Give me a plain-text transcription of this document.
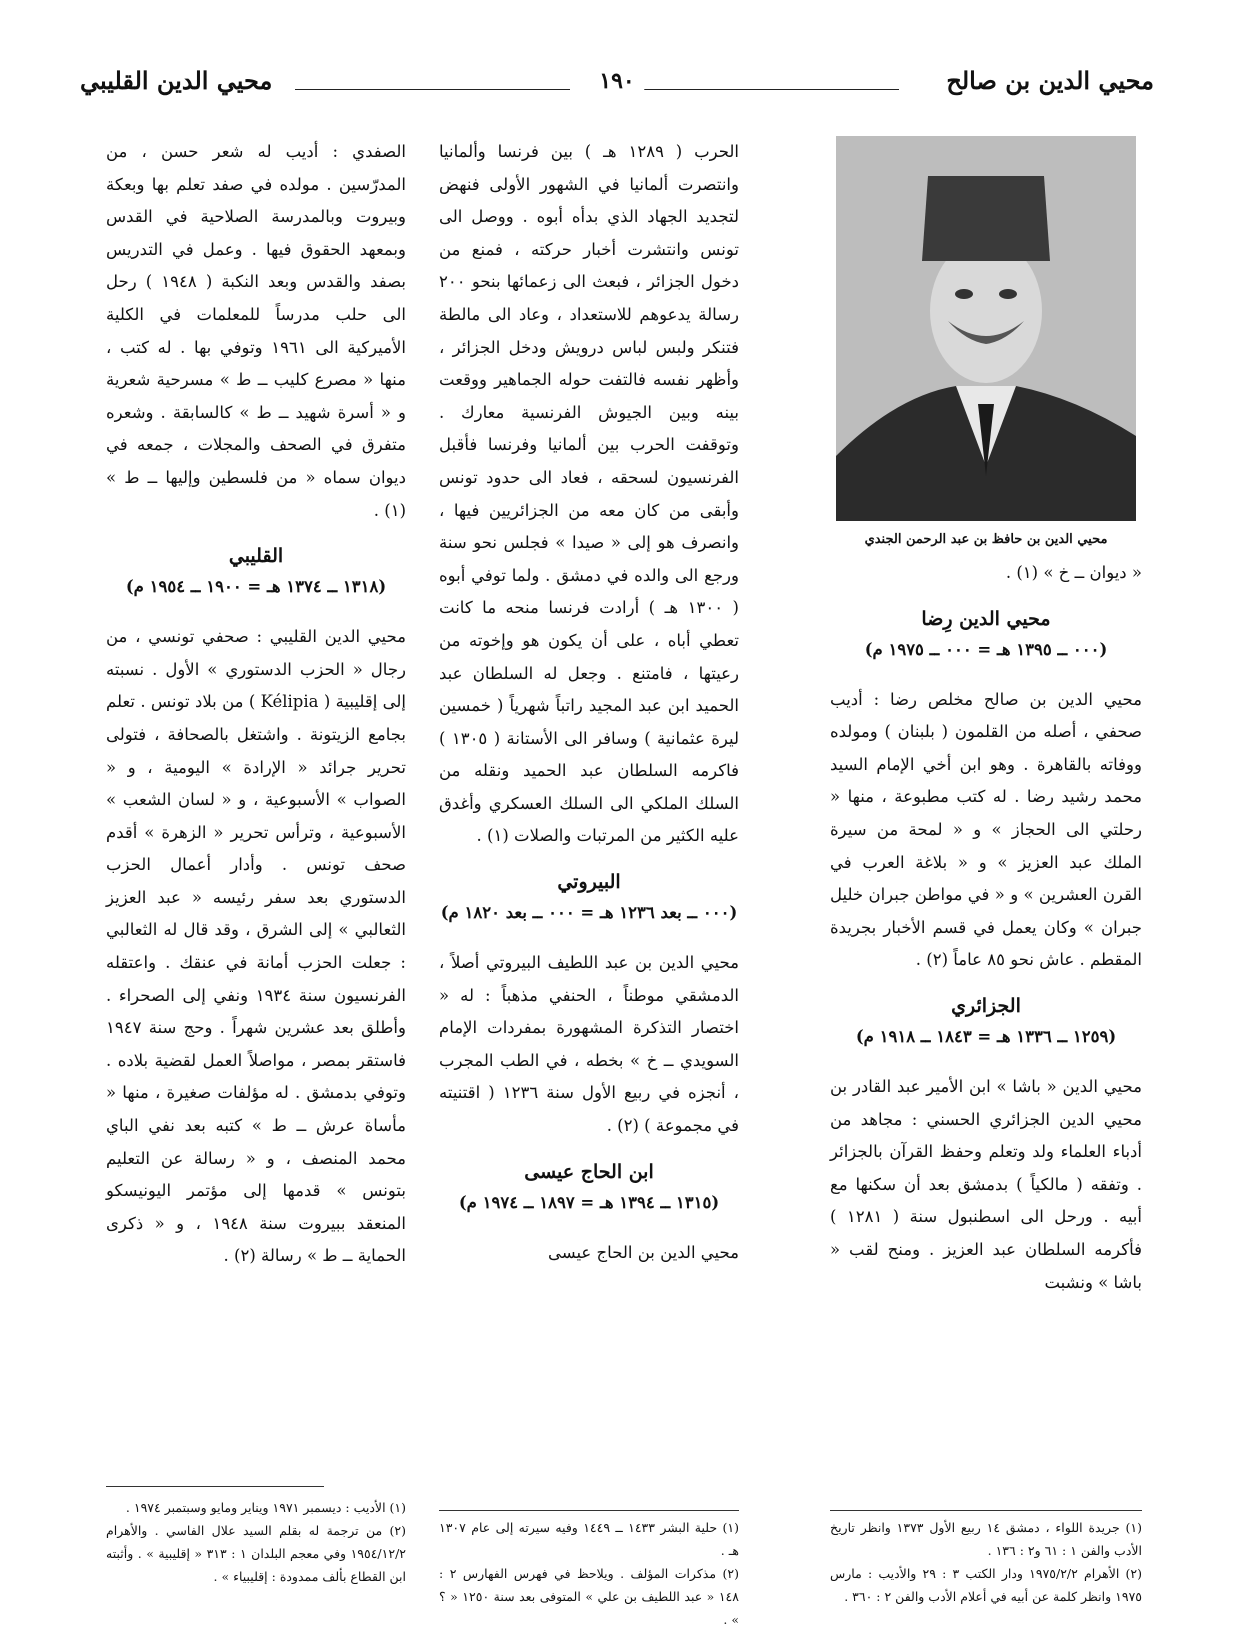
محيي الدين بن صالح
١٩٠
محيي الدين القليبي
محيي الدين بن حافظ بن عبد الرحمن الجندي

« ديوان ــ خ » (١) .

محيي الدين رِضا
(٠٠٠ ــ ١٣٩٥ هـ = ٠٠٠ ــ ١٩٧٥ م)

محيي الدين بن صالح مخلص رضا : أديب صحفي ، أصله من القلمون ( بلبنان ) ومولده ووفاته بالقاهرة . وهو ابن أخي الإمام السيد محمد رشيد رضا . له كتب مطبوعة ، منها « رحلتي الى الحجاز » و « لمحة من سيرة الملك عبد العزيز » و « بلاغة العرب في القرن العشرين » و « في مواطن جبران خليل جبران » وكان يعمل في قسم الأخبار بجريدة المقطم . عاش نحو ٨٥ عاماً (٢) .

الجزائري
(١٢٥٩ ــ ١٣٣٦ هـ = ١٨٤٣ ــ ١٩١٨ م)

محيي الدين « باشا » ابن الأمير عبد القادر بن محيي الدين الجزائري الحسني : مجاهد من أدباء العلماء ولد وتعلم وحفظ القرآن بالجزائر . وتفقه ( مالكياً ) بدمشق بعد أن سكنها مع أبيه . ورحل الى اسطنبول سنة ( ١٢٨١ ) فأكرمه السلطان عبد العزيز . ومنح لقب « باشا » ونشبت

الحرب ( ١٢٨٩ هـ ) بين فرنسا وألمانيا وانتصرت ألمانيا في الشهور الأولى فنهض لتجديد الجهاد الذي بدأه أبوه . ووصل الى تونس وانتشرت أخبار حركته ، فمنع من دخول الجزائر ، فبعث الى زعمائها بنحو ٢٠٠ رسالة يدعوهم للاستعداد ، وعاد الى مالطة فتنكر ولبس لباس درويش ودخل الجزائر ، وأظهر نفسه فالتفت حوله الجماهير ووقعت بينه وبين الجيوش الفرنسية معارك . وتوقفت الحرب بين ألمانيا وفرنسا فأقبل الفرنسيون لسحقه ، فعاد الى حدود تونس وأبقى من كان معه من الجزائريين فيها ، وانصرف هو إلى « صيدا » فجلس نحو سنة ورجع الى والده في دمشق . ولما توفي أبوه ( ١٣٠٠ هـ ) أرادت فرنسا منحه ما كانت تعطي أباه ، على أن يكون هو وإخوته من رعيتها ، فامتنع . وجعل له السلطان عبد الحميد ابن عبد المجيد راتباً شهرياً ( خمسين ليرة عثمانية ) وسافر الى الأستانة ( ١٣٠٥ ) فاكرمه السلطان عبد الحميد ونقله من السلك الملكي الى السلك العسكري وأغدق عليه الكثير من المرتبات والصلات (١) .

البيروتي
(٠٠٠ ــ بعد ١٢٣٦ هـ = ٠٠٠ ــ بعد ١٨٢٠ م)

محيي الدين بن عبد اللطيف البيروتي أصلاً ، الدمشقي موطناً ، الحنفي مذهباً : له « اختصار التذكرة المشهورة بمفردات الإمام السويدي ــ خ » بخطه ، في الطب المجرب ، أنجزه في ربيع الأول سنة ١٢٣٦ ( اقتنيته في مجموعة ) (٢) .

ابن الحاج عيسى
(١٣١٥ ــ ١٣٩٤ هـ = ١٨٩٧ ــ ١٩٧٤ م)

محيي الدين بن الحاج عيسى

الصفدي : أديب له شعر حسن ، من المدرّسين . مولده في صفد تعلم بها وبعكة وبيروت وبالمدرسة الصلاحية في القدس وبمعهد الحقوق فيها . وعمل في التدريس بصفد والقدس وبعد النكبة ( ١٩٤٨ ) رحل الى حلب مدرساً للمعلمات في الكلية الأميركية الى ١٩٦١ وتوفي بها . له كتب ، منها « مصرع كليب ــ ط » مسرحية شعرية و « أسرة شهيد ــ ط » كالسابقة . وشعره متفرق في الصحف والمجلات ، جمعه في ديوان سماه « من فلسطين وإليها ــ ط » (١) .

القليبي
(١٣١٨ ــ ١٣٧٤ هـ = ١٩٠٠ ــ ١٩٥٤ م)

محيي الدين القليبي : صحفي تونسي ، من رجال « الحزب الدستوري » الأول . نسبته إلى إقليبية ( Kélipia ) من بلاد تونس . تعلم بجامع الزيتونة . واشتغل بالصحافة ، فتولى تحرير جرائد « الإرادة » اليومية ، و « الصواب » الأسبوعية ، و « لسان الشعب » الأسبوعية ، وترأس تحرير « الزهرة » أقدم صحف تونس . وأدار أعمال الحزب الدستوري بعد سفر رئيسه « عبد العزيز الثعالبي » إلى الشرق ، وقد قال له الثعالبي : جعلت الحزب أمانة في عنقك . واعتقله الفرنسيون سنة ١٩٣٤ ونفي إلى الصحراء . وأطلق بعد عشرين شهراً . وحج سنة ١٩٤٧ فاستقر بمصر ، مواصلاً العمل لقضية بلاده . وتوفي بدمشق . له مؤلفات صغيرة ، منها « مأساة عرش ــ ط » كتبه بعد نفي الباي محمد المنصف ، و « رسالة عن التعليم بتونس » قدمها إلى مؤتمر اليونيسكو المنعقد ببيروت سنة ١٩٤٨ ، و « ذكرى الحماية ــ ط » رسالة (٢) .

(١) جريدة اللواء ، دمشق ١٤ ربيع الأول ١٣٧٣ وانظر تاريخ الأدب والفن ١ : ٦١ و٢ : ١٣٦ .

(٢) الأهرام ١٩٧٥/٢/٢ ودار الكتب ٣ : ٢٩ والأديب : مارس ١٩٧٥ وانظر كلمة عن أبيه في أعلام الأدب والفن ٢ : ٣٦٠ .

(١) حلية البشر ١٤٣٣ ــ ١٤٤٩ وفيه سيرته إلى عام ١٣٠٧ هـ .

(٢) مذكرات المؤلف . ويلاحظ في فهرس الفهارس ٢ : ١٤٨ « عبد اللطيف بن علي » المتوفى بعد سنة ١٢٥٠ « ؟ » .

(١) الأديب : ديسمبر ١٩٧١ ويناير ومايو وسبتمبر ١٩٧٤ .

(٢) من ترجمة له بقلم السيد علال الفاسي . والأهرام ١٩٥٤/١٢/٢ وفي معجم البلدان ١ : ٣١٣ « إقليبية » . وأثبته ابن القطاع بألف ممدودة : إقليبياء » .
